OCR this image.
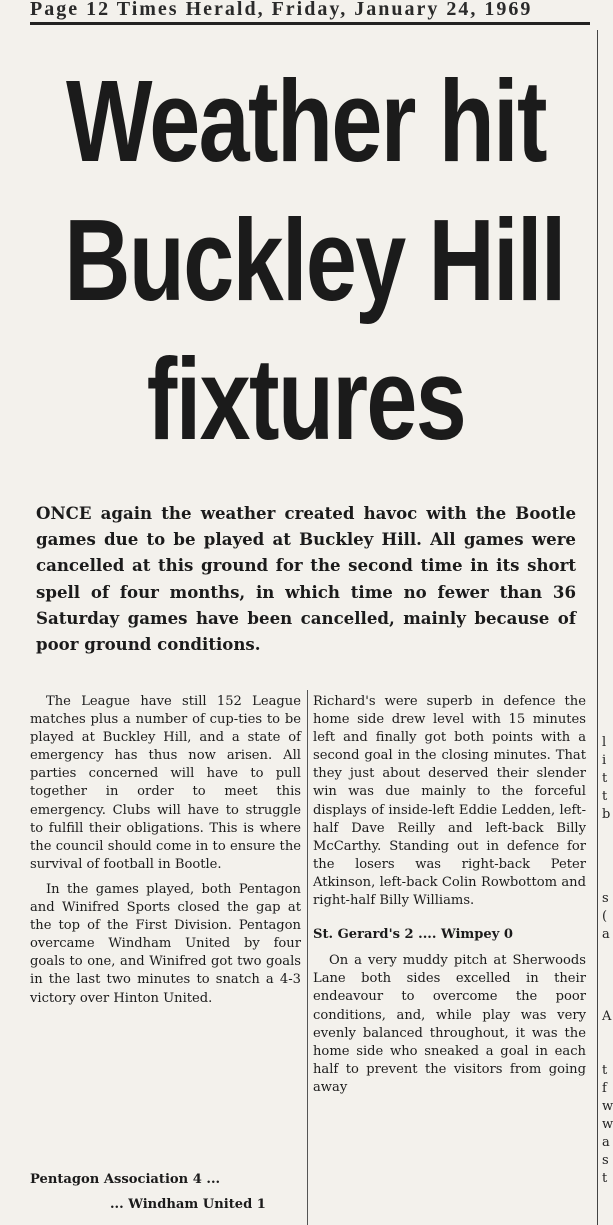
Page 12 Times Herald, Friday, January 24, 1969
Weather hit
Buckley Hill
fixtures
ONCE again the weather created havoc with the Bootle games due to be played at Buckley Hill. All games were cancelled at this ground for the second time in its short spell of four months, in which time no fewer than 36 Saturday games have been cancelled, mainly because of poor ground conditions.

The League have still 152 League matches plus a number of cup-ties to be played at Buckley Hill, and a state of emergency has thus now arisen. All parties concerned will have to pull together in order to meet this emergency. Clubs will have to struggle to fulfill their obligations. This is where the council should come in to ensure the survival of football in Bootle.

In the games played, both Pentagon and Winifred Sports closed the gap at the top of the First Division. Pentagon overcame Windham United by four goals to one, and Winifred got two goals in the last two minutes to snatch a 4-3 victory over Hinton United.

Pentagon Association 4 ...
... Windham United 1

Richard's were superb in defence the home side drew level with 15 minutes left and finally got both points with a second goal in the closing minutes. That they just about deserved their slender win was due mainly to the forceful displays of inside-left Eddie Ledden, left-half Dave Reilly and left-back Billy McCarthy. Standing out in defence for the losers was right-back Peter Atkinson, left-back Colin Rowbottom and right-half Billy Williams.

St. Gerard's 2 .... Wimpey 0

On a very muddy pitch at Sherwoods Lane both sides excelled in their endeavour to overcome the poor conditions, and, while play was very evenly balanced throughout, it was the home side who sneaked a goal in each half to prevent the visitors from going away

l
i
t
t
b
s
(
a
A
t
f
w
w
a
s
t
